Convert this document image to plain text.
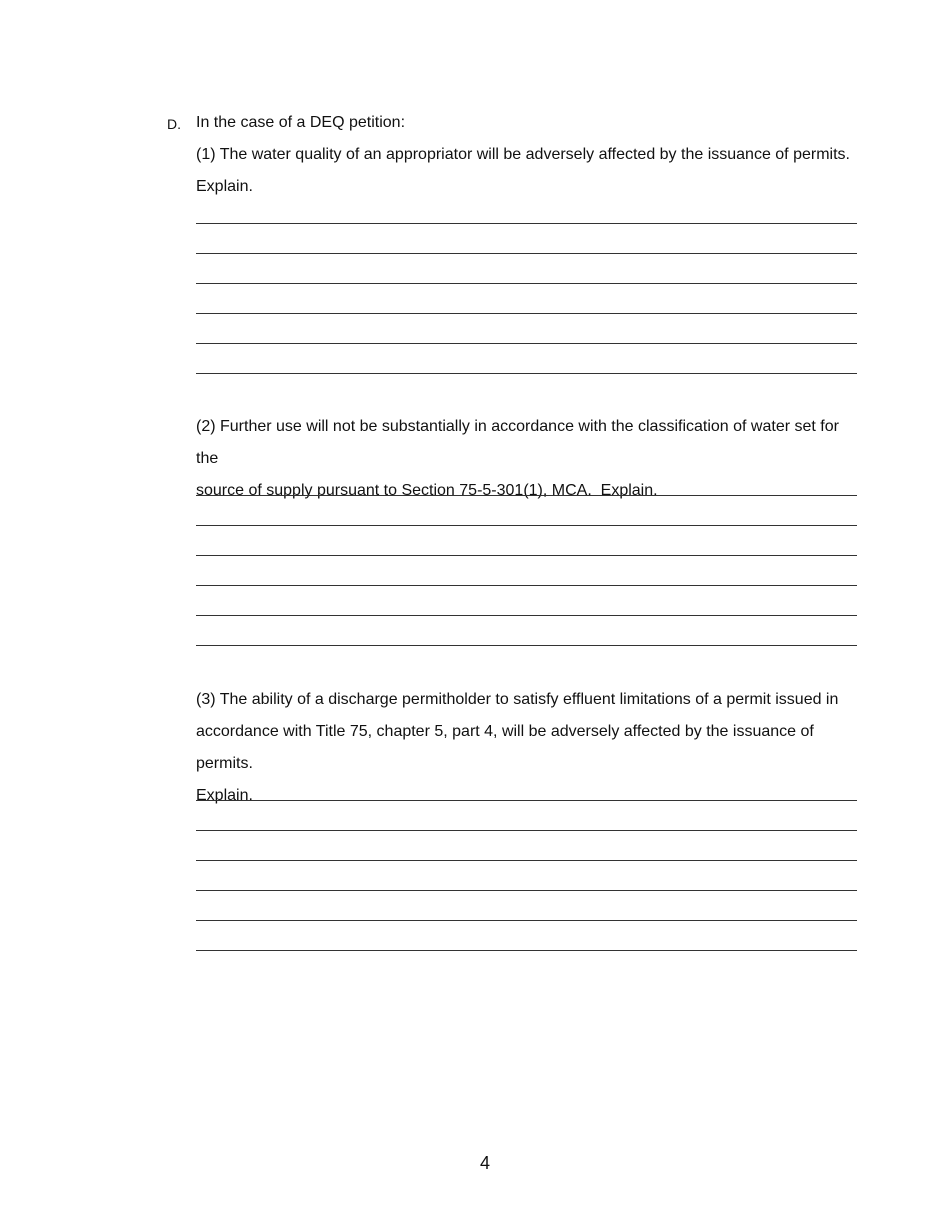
D. In the case of a DEQ petition:
(1) The water quality of an appropriator will be adversely affected by the issuance of permits.
Explain.
(2) Further use will not be substantially in accordance with the classification of water set for the
source of supply pursuant to Section 75-5-301(1), MCA.  Explain.
(3) The ability of a discharge permitholder to satisfy effluent limitations of a permit issued in
accordance with Title 75, chapter 5, part 4, will be adversely affected by the issuance of permits.
Explain.
4
